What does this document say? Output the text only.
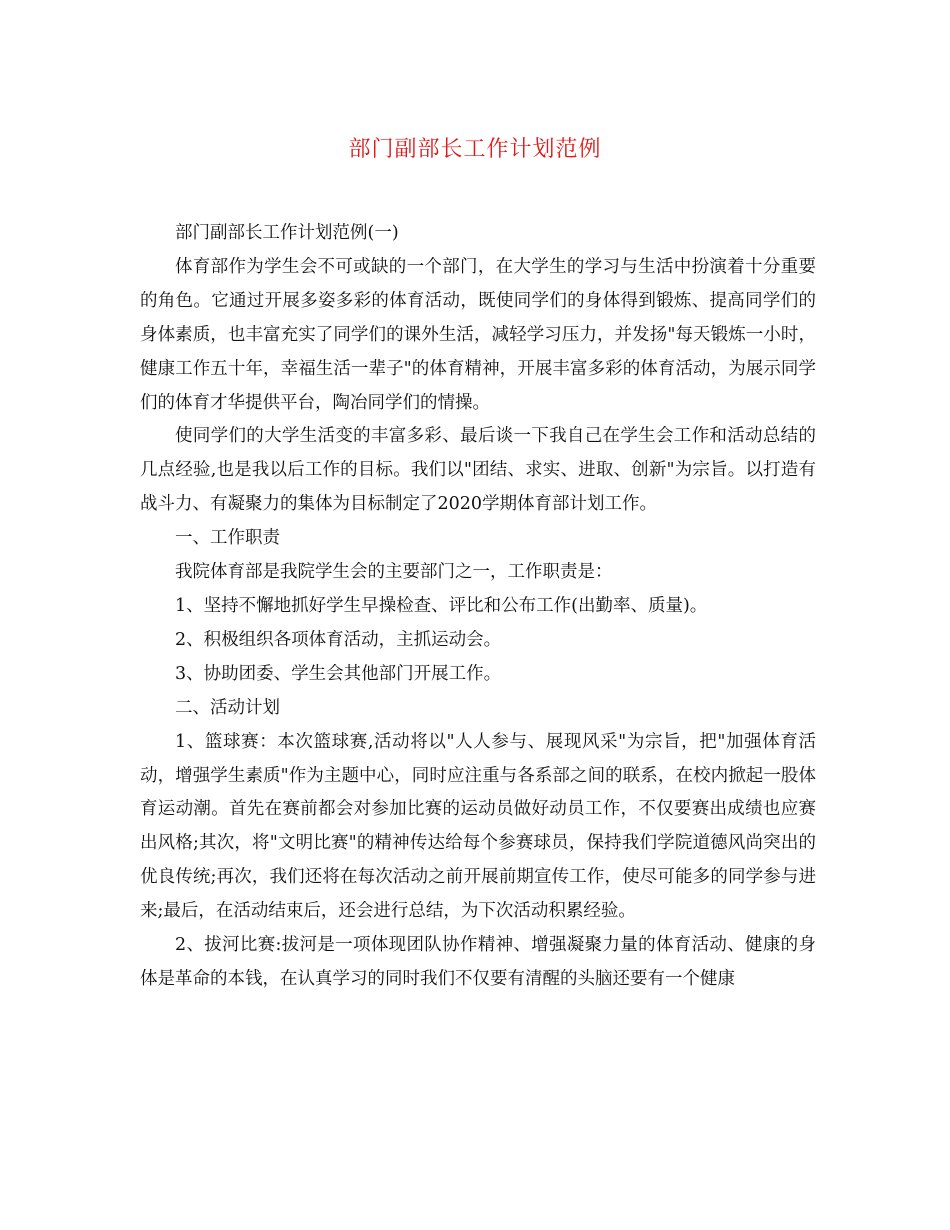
部门副部长工作计划范例

部门副部长工作计划范例(一)

体育部作为学生会不可或缺的一个部门，在大学生的学习与生活中扮演着十分重要的角色。它通过开展多姿多彩的体育活动，既使同学们的身体得到锻炼、提高同学们的身体素质，也丰富充实了同学们的课外生活，减轻学习压力，并发扬"每天锻炼一小时，健康工作五十年，幸福生活一辈子"的体育精神，开展丰富多彩的体育活动，为展示同学们的体育才华提供平台，陶冶同学们的情操。

使同学们的大学生活变的丰富多彩、最后谈一下我自己在学生会工作和活动总结的几点经验,也是我以后工作的目标。我们以"团结、求实、进取、创新"为宗旨。以打造有战斗力、有凝聚力的集体为目标制定了2020学期体育部计划工作。

一、工作职责

我院体育部是我院学生会的主要部门之一，工作职责是：

1、坚持不懈地抓好学生早操检查、评比和公布工作(出勤率、质量)。

2、积极组织各项体育活动，主抓运动会。

3、协助团委、学生会其他部门开展工作。

二、活动计划

1、篮球赛：本次篮球赛,活动将以"人人参与、展现风采"为宗旨，把"加强体育活动，增强学生素质"作为主题中心，同时应注重与各系部之间的联系，在校内掀起一股体育运动潮。首先在赛前都会对参加比赛的运动员做好动员工作，不仅要赛出成绩也应赛出风格;其次，将"文明比赛"的精神传达给每个参赛球员，保持我们学院道德风尚突出的优良传统;再次，我们还将在每次活动之前开展前期宣传工作，使尽可能多的同学参与进来;最后，在活动结束后，还会进行总结，为下次活动积累经验。

2、拔河比赛:拔河是一项体现团队协作精神、增强凝聚力量的体育活动、健康的身体是革命的本钱，在认真学习的同时我们不仅要有清醒的头脑还要有一个健康
